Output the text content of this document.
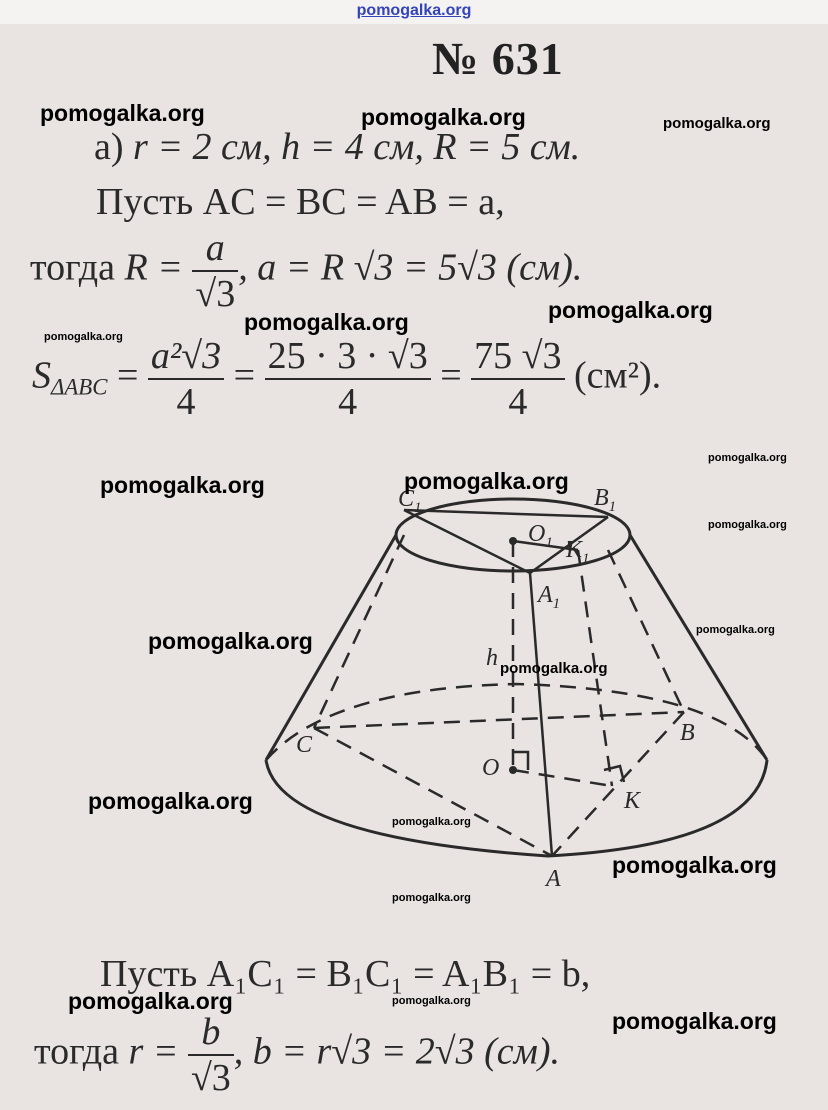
pomogalka.org
№ 631
а) r = 2 см, h = 4 см, R = 5 см.
Пусть AC = BC = AB = a,
тогда $R = \frac{a}{√3}$ , a = R √3 = 5√3 (см).
$S_{\Delta ABC} = \frac{\text{a²√3}}{4} = \frac{25 \cdot 3 \cdot √3}{4} = \frac{75 √3}{4} (см^2)$.
$C_1$	$B_1$
$O_1$ $K_1$
$A_1$
h
C	B
O
K
A
Пусть A₁C₁ = B₁C₁ = A₁B₁ = b,
тогда $r = \frac{b}{√3}$ , b = r√3 = 2√3 (см).
pomogalka.org	pomogalka.org	pomogalka.org
pomogalka.org
pomogalka.org
pomogalka.org
pomogalka.org
pomogalka.org
pomogalka.org
pomogalka.org
pomogalka.org	pomogalka.org
pomogalka.org
pomogalka.org
pomogalka.org
pomogalka.org
pomogalka.org
pomogalka.org	pomogalka.org
pomogalka.org
